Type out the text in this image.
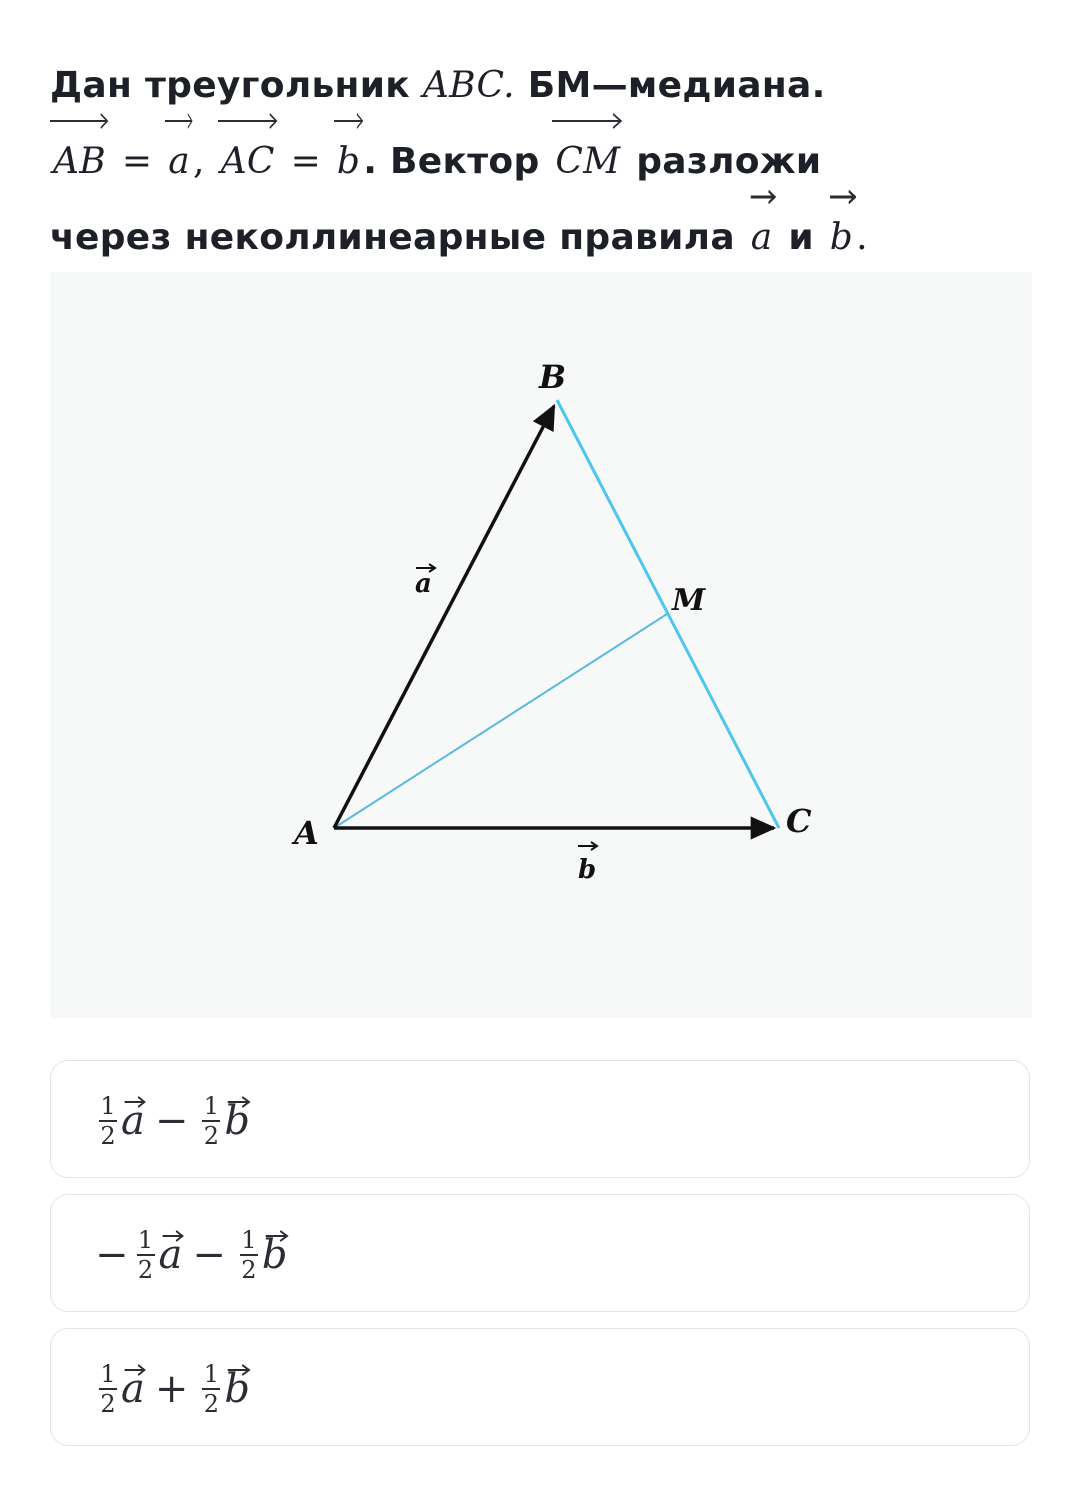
Дан треугольник ABC. БМ—медиана.

AB = a, AC = b. Вектор CM разложи
через неколлинеарные правила a и b.
B
M
A	C
a
b
$\frac{1}{2}$ $a - \frac{1}{2}$ b
− $\frac{1}{2}$ $a - \frac{1}{2}$ b
$\frac{1}{2}$ $a + \frac{1}{2}$ b
